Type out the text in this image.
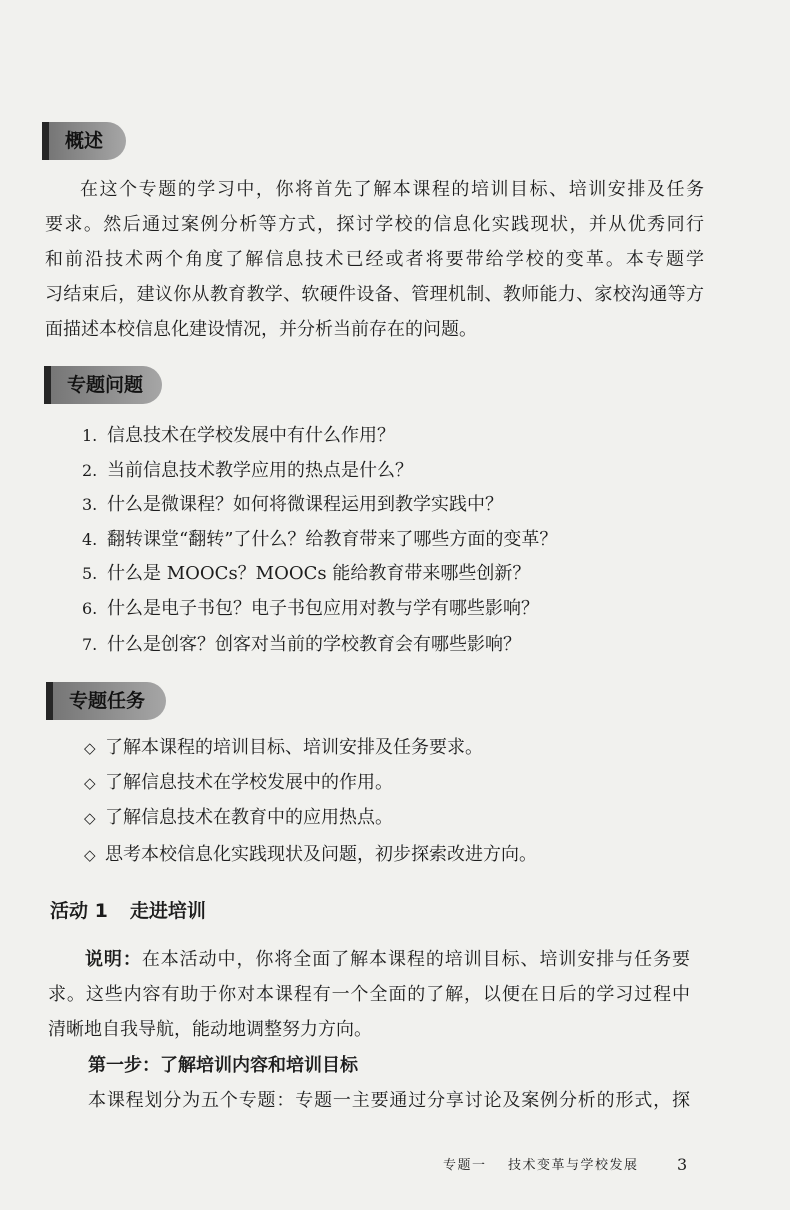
概述
在这个专题的学习中，你将首先了解本课程的培训目标、培训安排及任务
要求。然后通过案例分析等方式，探讨学校的信息化实践现状，并从优秀同行
和前沿技术两个角度了解信息技术已经或者将要带给学校的变革。本专题学
习结束后，建议你从教育教学、软硬件设备、管理机制、教师能力、家校沟通等方
面描述本校信息化建设情况，并分析当前存在的问题。
专题问题
1. 信息技术在学校发展中有什么作用？
2. 当前信息技术教学应用的热点是什么？
3. 什么是微课程？如何将微课程运用到教学实践中？
4. 翻转课堂“翻转”了什么？给教育带来了哪些方面的变革？
5. 什么是 MOOCs？MOOCs 能给教育带来哪些创新？
6. 什么是电子书包？电子书包应用对教与学有哪些影响？
7. 什么是创客？创客对当前的学校教育会有哪些影响？
专题任务
◇ 了解本课程的培训目标、培训安排及任务要求。
◇ 了解信息技术在学校发展中的作用。
◇ 了解信息技术在教育中的应用热点。
◇ 思考本校信息化实践现状及问题，初步探索改进方向。
活动 1 走进培训
说明：在本活动中，你将全面了解本课程的培训目标、培训安排与任务要
求。这些内容有助于你对本课程有一个全面的了解，以便在日后的学习过程中
清晰地自我导航，能动地调整努力方向。
第一步：了解培训内容和培训目标
本课程划分为五个专题：专题一主要通过分享讨论及案例分析的形式，探
专题一 技术变革与学校发展 3
